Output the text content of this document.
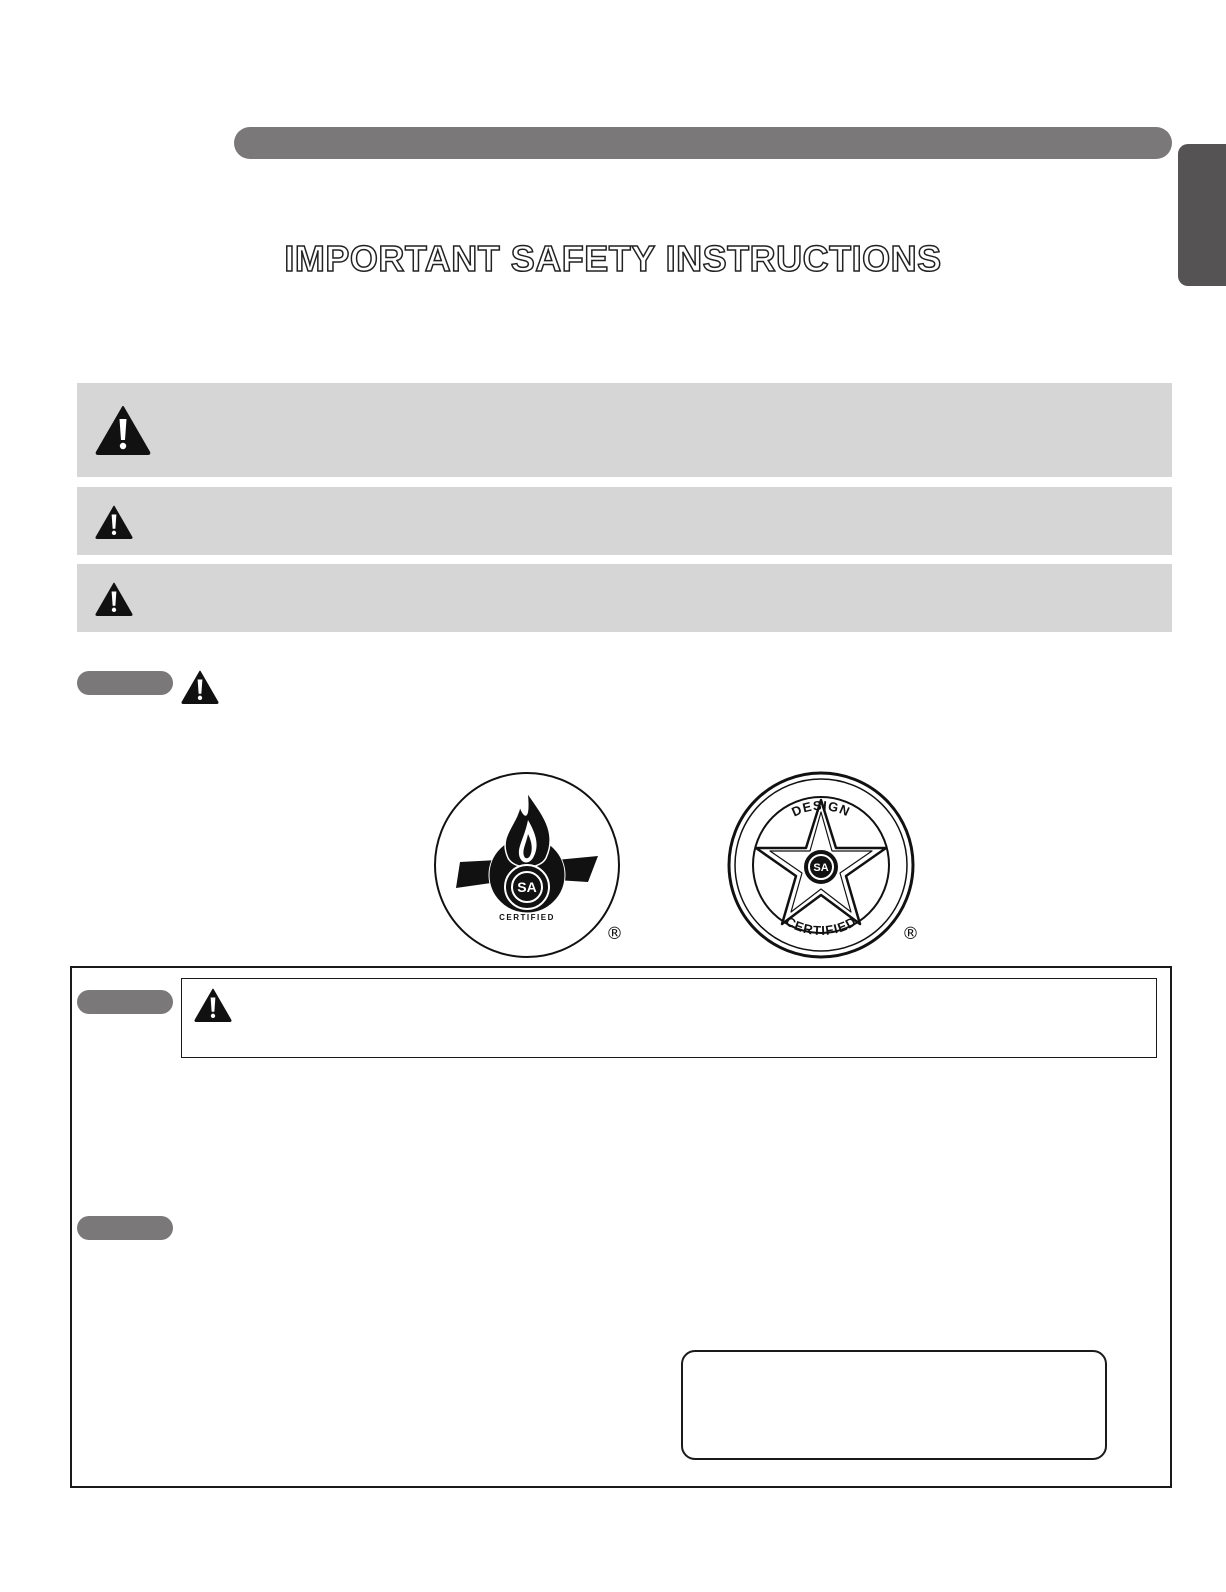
IMPORTANT SAFETY INSTRUCTIONS
SA
CERTIFIED
®
SA
DESIGN
CERTIFIED
®
